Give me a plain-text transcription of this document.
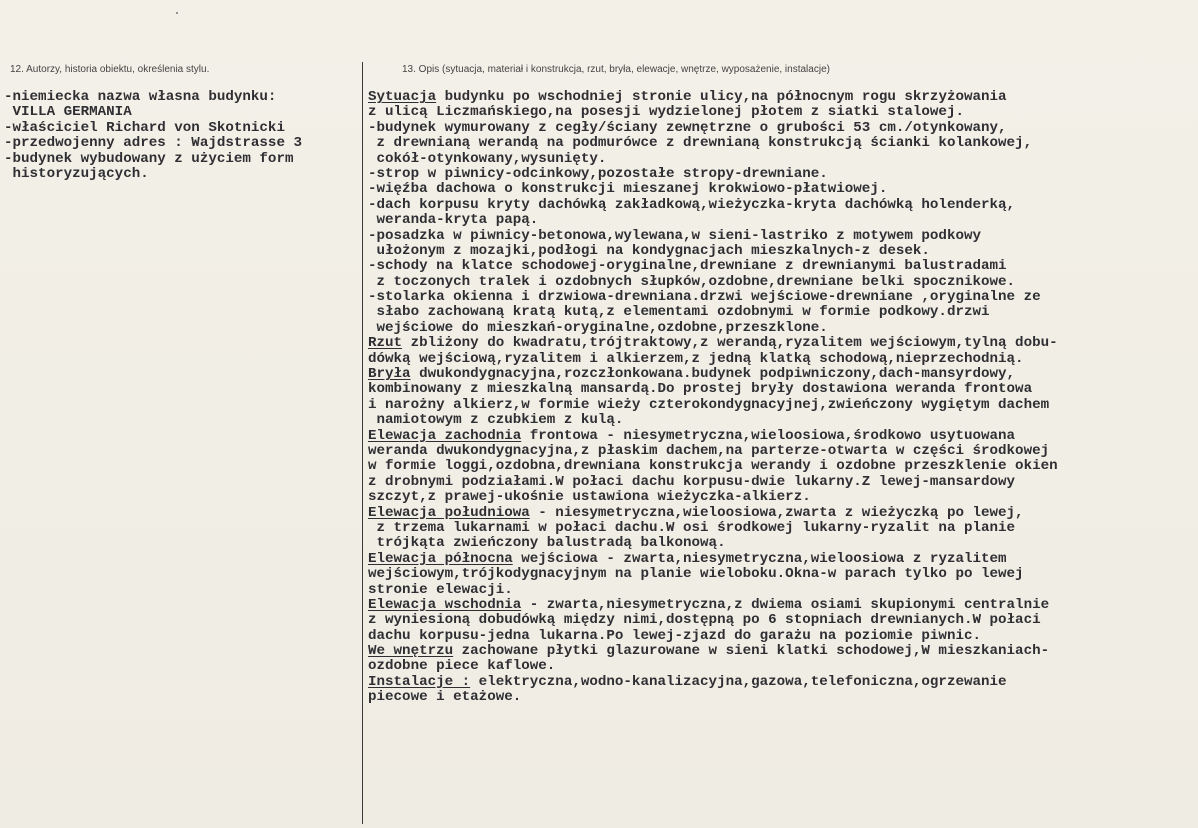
12. Autorzy, historia obiektu, określenia stylu.	13. Opis (sytuacja, materiał i konstrukcja, rzut, bryła, elewacje, wnętrze, wyposażenie, instalacje)
-niemiecka nazwa własna budynku:
VILLA GERMANIA
-właściciel Richard von Skotnicki
-przedwojenny adres : Wajdstrasse 3
-budynek wybudowany z użyciem form
historyzujących.
Sytuacja budynku po wschodniej stronie ulicy,na północnym rogu skrzyżowania
z ulicą Liczmańskiego,na posesji wydzielonej płotem z siatki stalowej.
-budynek wymurowany z cegły/ściany zewnętrzne o grubości 53 cm./otynkowany,
z drewnianą werandą na podmurówce z drewnianą konstrukcją ścianki kolankowej,
cokół-otynkowany,wysunięty.
-strop w piwnicy-odcinkowy,pozostałe stropy-drewniane.
-więźba dachowa o konstrukcji mieszanej krokwiowo-płatwiowej.
-dach korpusu kryty dachówką zakładkową,wieżyczka-kryta dachówką holenderką,
weranda-kryta papą.
-posadzka w piwnicy-betonowa,wylewana,w sieni-lastriko z motywem podkowy
ułożonym z mozajki,podłogi na kondygnacjach mieszkalnych-z desek.
-schody na klatce schodowej-oryginalne,drewniane z drewnianymi balustradami
z toczonych tralek i ozdobnych słupków,ozdobne,drewniane belki spocznikowe.
-stolarka okienna i drzwiowa-drewniana.drzwi wejściowe-drewniane ,oryginalne ze
słabo zachowaną kratą kutą,z elementami ozdobnymi w formie podkowy.drzwi
wejściowe do mieszkań-oryginalne,ozdobne,przeszklone.
Rzut zbliżony do kwadratu,trójtraktowy,z werandą,ryzalitem wejściowym,tylną dobu-
dówką wejściową,ryzalitem i alkierzem,z jedną klatką schodową,nieprzechodnią.
Bryła dwukondygnacyjna,rozczłonkowana.budynek podpiwniczony,dach-mansyrdowy,
kombinowany z mieszkalną mansardą.Do prostej bryły dostawiona weranda frontowa
i narożny alkierz,w formie wieży czterokondygnacyjnej,zwieńczony wygiętym dachem
namiotowym z czubkiem z kulą.
Elewacja zachodnia frontowa - niesymetryczna,wieloosiowa,środkowo usytuowana
weranda dwukondygnacyjna,z płaskim dachem,na parterze-otwarta w części środkowej
w formie loggi,ozdobna,drewniana konstrukcja werandy i ozdobne przeszklenie okien
z drobnymi podziałami.W połaci dachu korpusu-dwie lukarny.Z lewej-mansardowy
szczyt,z prawej-ukośnie ustawiona wieżyczka-alkierz.
Elewacja południowa - niesymetryczna,wieloosiowa,zwarta z wieżyczką po lewej,
z trzema lukarnami w połaci dachu.W osi środkowej lukarny-ryzalit na planie
trójkąta zwieńczony balustradą balkonową.
Elewacja północna wejściowa - zwarta,niesymetryczna,wieloosiowa z ryzalitem
wejściowym,trójkodygnacyjnym na planie wieloboku.Okna-w parach tylko po lewej
stronie elewacji.
Elewacja wschodnia - zwarta,niesymetryczna,z dwiema osiami skupionymi centralnie
z wyniesioną dobudówką między nimi,dostępną po 6 stopniach drewnianych.W połaci
dachu korpusu-jedna lukarna.Po lewej-zjazd do garażu na poziomie piwnic.
We wnętrzu zachowane płytki glazurowane w sieni klatki schodowej,W mieszkaniach-
ozdobne piece kaflowe.
Instalacje : elektryczna,wodno-kanalizacyjna,gazowa,telefoniczna,ogrzewanie
piecowe i etażowe.
